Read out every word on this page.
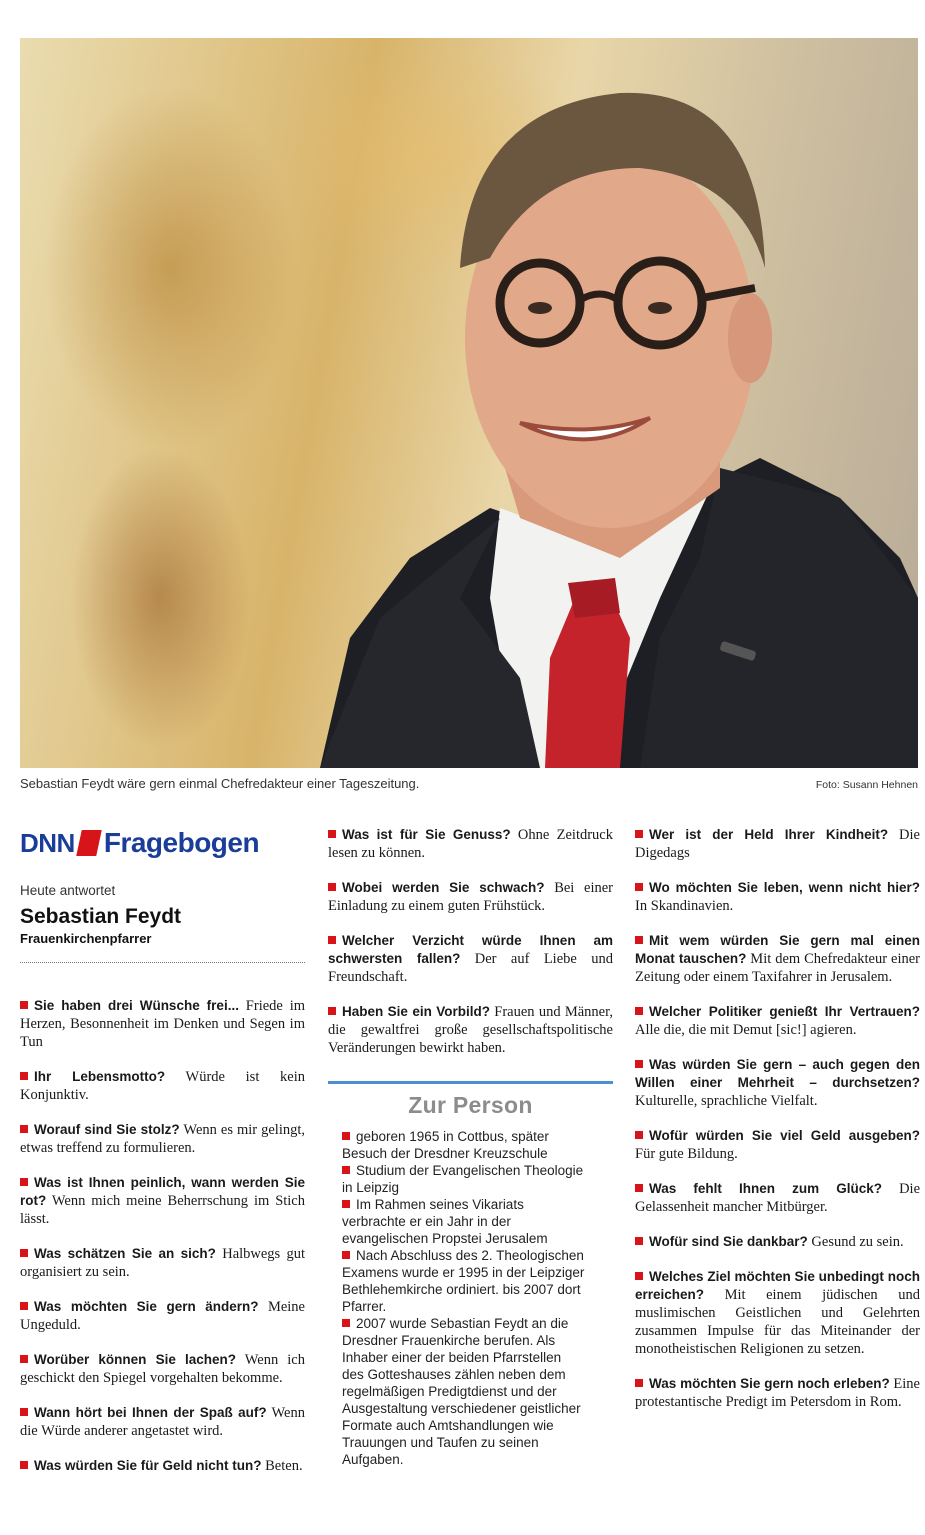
Sebastian Feydt wäre gern einmal Chefredakteur einer Tageszeitung.	Foto: Susann Hehnen
DNN Fragebogen
Heute antwortet
Sebastian Feydt
Frauenkirchenpfarrer
Sie haben drei Wünsche frei... Friede im Herzen, Besonnenheit im Denken und Segen im Tun
Ihr Lebensmotto? Würde ist kein Konjunktiv.
Worauf sind Sie stolz? Wenn es mir gelingt, etwas treffend zu formulieren.
Was ist Ihnen peinlich, wann werden Sie rot? Wenn mich meine Beherrschung im Stich lässt.
Was schätzen Sie an sich? Halbwegs gut organisiert zu sein.
Was möchten Sie gern ändern? Meine Ungeduld.
Worüber können Sie lachen? Wenn ich geschickt den Spiegel vorgehalten bekomme.
Wann hört bei Ihnen der Spaß auf? Wenn die Würde anderer angetastet wird.
Was würden Sie für Geld nicht tun? Beten.
Was ist für Sie Genuss? Ohne Zeitdruck lesen zu können.
Wobei werden Sie schwach? Bei einer Einladung zu einem guten Frühstück.
Welcher Verzicht würde Ihnen am schwersten fallen? Der auf Liebe und Freundschaft.
Haben Sie ein Vorbild? Frauen und Männer, die gewaltfrei große gesellschaftspolitische Veränderungen bewirkt haben.
Zur Person

geboren 1965 in Cottbus, später Besuch der Dresdner Kreuzschule

Studium der Evangelischen Theologie in Leipzig

Im Rahmen seines Vikariats verbrachte er ein Jahr in der evangelischen Propstei Jerusalem

Nach Abschluss des 2. Theologischen Examens wurde er 1995 in der Leipziger Bethlehemkirche ordiniert. bis 2007 dort Pfarrer.

2007 wurde Sebastian Feydt an die Dresdner Frauenkirche berufen. Als Inhaber einer der beiden Pfarrstellen des Gotteshauses zählen neben dem regelmäßigen Predigtdienst und der Ausgestaltung verschiedener geistlicher Formate auch Amtshandlungen wie Trauungen und Taufen zu seinen Aufgaben.

Wer ist der Held Ihrer Kindheit? Die Digedags
Wo möchten Sie leben, wenn nicht hier? In Skandinavien.
Mit wem würden Sie gern mal einen Monat tauschen? Mit dem Chefredakteur einer Zeitung oder einem Taxifahrer in Jerusalem.
Welcher Politiker genießt Ihr Vertrauen? Alle die, die mit Demut [sic!] agieren.
Was würden Sie gern – auch gegen den Willen einer Mehrheit – durchsetzen? Kulturelle, sprachliche Vielfalt.
Wofür würden Sie viel Geld ausgeben? Für gute Bildung.
Was fehlt Ihnen zum Glück? Die Gelassenheit mancher Mitbürger.
Wofür sind Sie dankbar? Gesund zu sein.
Welches Ziel möchten Sie unbedingt noch erreichen? Mit einem jüdischen und muslimischen Geistlichen und Gelehrten zusammen Impulse für das Miteinander der monotheistischen Religionen zu setzen.
Was möchten Sie gern noch erleben? Eine protestantische Predigt im Petersdom in Rom.
